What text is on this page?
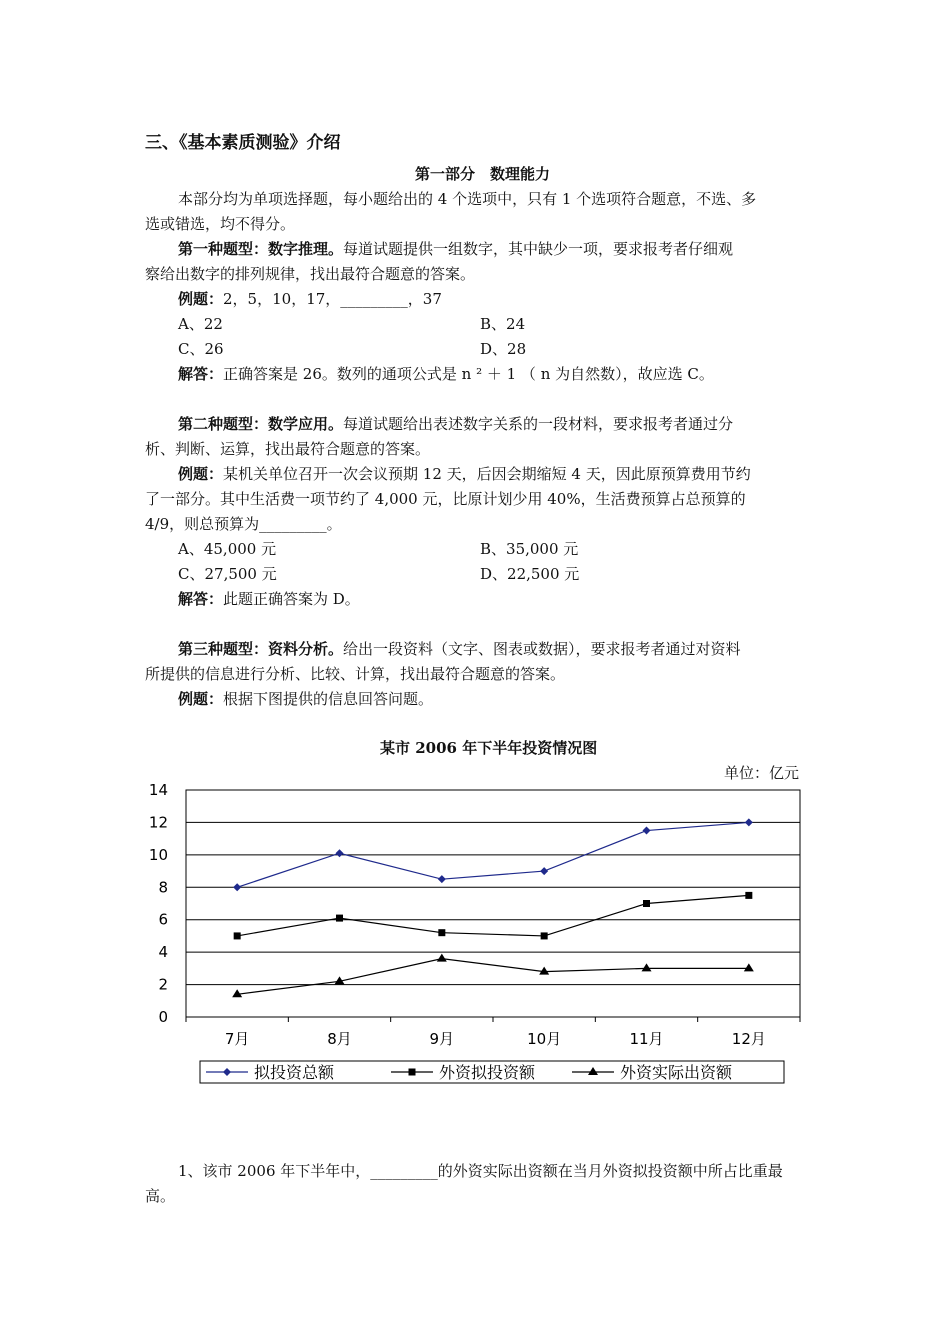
三、《基本素质测验》介绍
第一部分　数理能力
本部分均为单项选择题，每小题给出的 4 个选项中，只有 1 个选项符合题意，不选、多
选或错选，均不得分。
第一种题型：数字推理。每道试题提供一组数字，其中缺少一项，要求报考者仔细观
察给出数字的排列规律，找出最符合题意的答案。
例题：2，5，10，17，_________，37
A、22	B、24
C、26	D、28
解答：正确答案是 26。数列的通项公式是 n ² ＋ 1 （ n 为自然数），故应选 C。
第二种题型：数学应用。每道试题给出表述数字关系的一段材料，要求报考者通过分
析、判断、运算，找出最符合题意的答案。
例题：某机关单位召开一次会议预期 12 天，后因会期缩短 4 天，因此原预算费用节约
了一部分。其中生活费一项节约了 4,000 元，比原计划少用 40%，生活费预算占总预算的
4/9，则总预算为_________。
A、45,000 元	B、35,000 元
C、27,500 元	D、22,500 元
解答：此题正确答案为 D。
第三种题型：资料分析。给出一段资料（文字、图表或数据），要求报考者通过对资料
所提供的信息进行分析、比较、计算，找出最符合题意的答案。
例题：根据下图提供的信息回答问题。
某市 2006 年下半年投资情况图
单位：亿元
0
2
4
6
8
10
12
14
7月	8月	9月	10月	11月	12月
拟投资总额	外资拟投资额	外资实际出资额
1、该市 2006 年下半年中，_________的外资实际出资额在当月外资拟投资额中所占比重最
高。
